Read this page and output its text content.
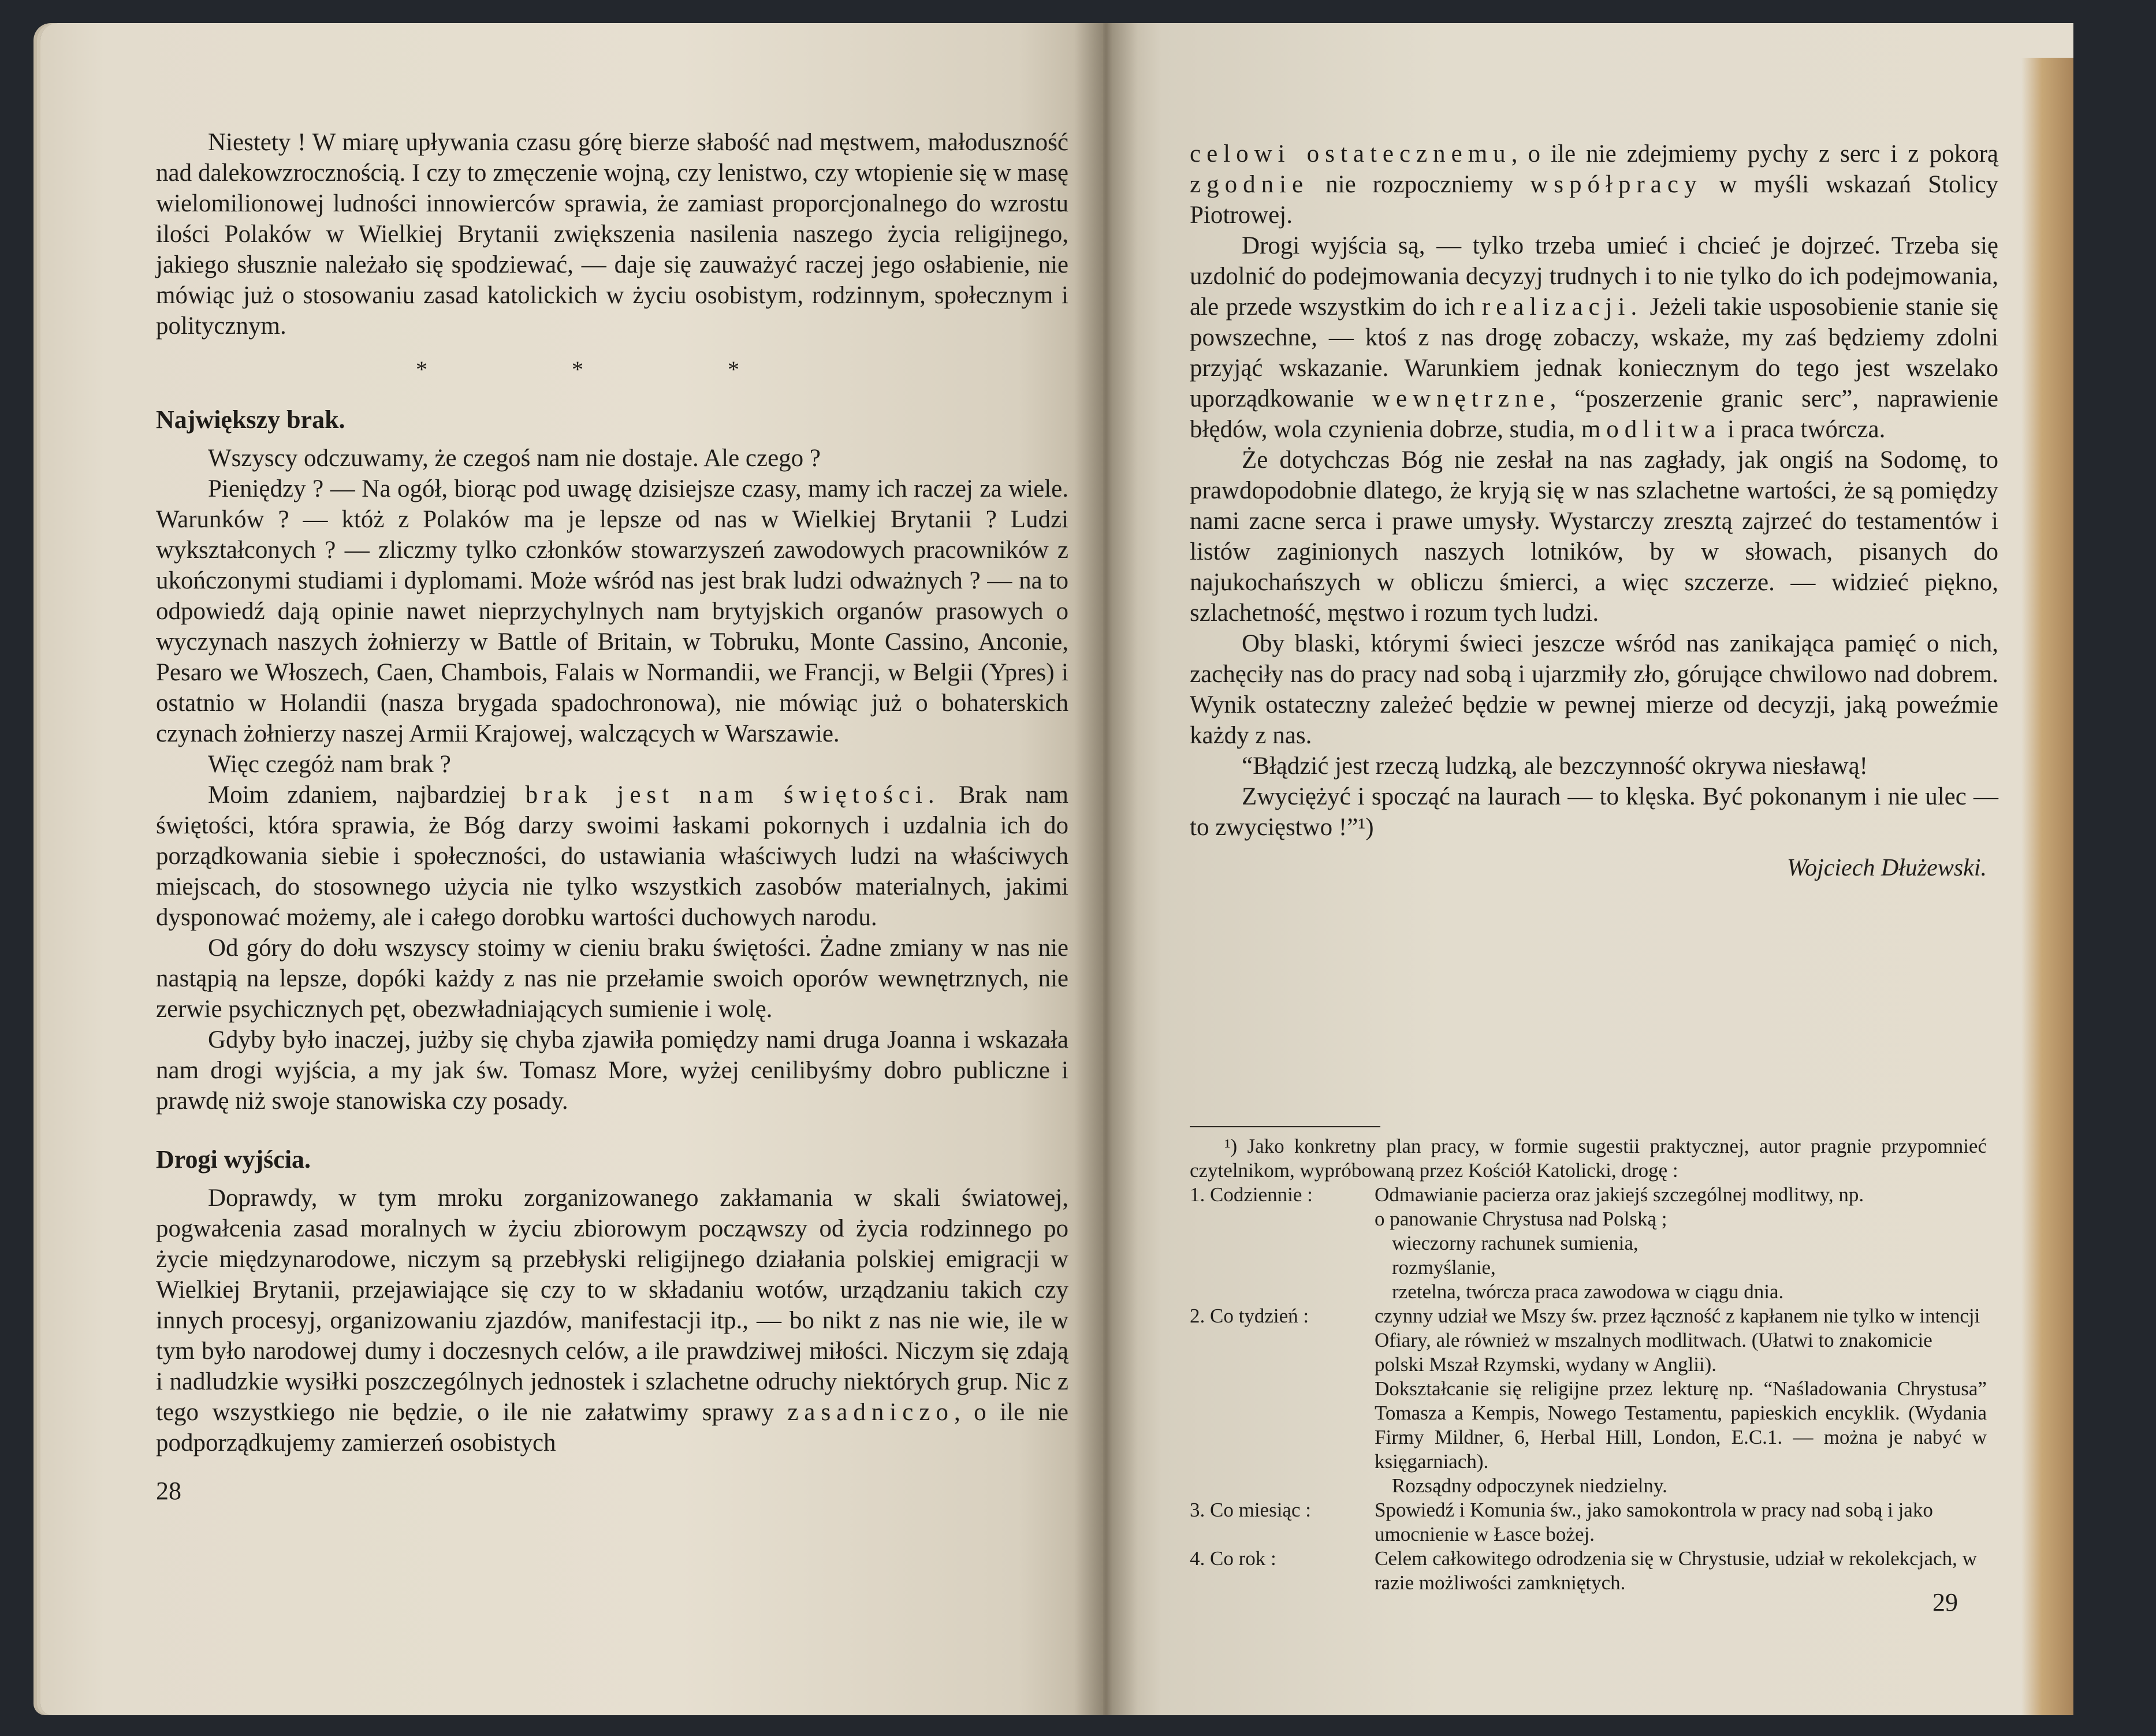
Niestety ! W miarę upływania czasu górę bierze słabość nad męstwem, małoduszność nad dalekowzrocznością. I czy to zmęczenie wojną, czy lenistwo, czy wtopienie się w masę wielomilionowej ludności innowierców sprawia, że zamiast proporcjonalnego do wzrostu ilości Polaków w Wielkiej Brytanii zwiększenia nasilenia naszego życia religijnego, jakiego słusznie należało się spodziewać, — daje się zauważyć raczej jego osłabienie, nie mówiąc już o stosowaniu zasad katolickich w życiu osobistym, rodzinnym, społecznym i politycznym.

* * *
Największy brak.

Wszyscy odczuwamy, że czegoś nam nie dostaje. Ale czego ?

Pieniędzy ? — Na ogół, biorąc pod uwagę dzisiejsze czasy, mamy ich raczej za wiele. Warunków ? — któż z Polaków ma je lepsze od nas w Wielkiej Brytanii ? Ludzi wykształconych ? — zliczmy tylko członków stowarzyszeń zawodowych pracowników z ukończonymi studiami i dyplomami. Może wśród nas jest brak ludzi odważnych ? — na to odpowiedź dają opinie nawet nieprzychylnych nam brytyjskich organów prasowych o wyczynach naszych żołnierzy w Battle of Britain, w Tobruku, Monte Cassino, Anconie, Pesaro we Włoszech, Caen, Chambois, Falais w Normandii, we Francji, w Belgii (Ypres) i ostatnio w Holandii (nasza brygada spadochronowa), nie mówiąc już o bohaterskich czynach żołnierzy naszej Armii Krajowej, walczących w Warszawie.

Więc czegóż nam brak ?

Moim zdaniem, najbardziej brak jest nam świętości. Brak nam świętości, która sprawia, że Bóg darzy swoimi łaskami pokornych i uzdalnia ich do porządkowania siebie i społeczności, do ustawiania właściwych ludzi na właściwych miejscach, do stosownego użycia nie tylko wszystkich zasobów materialnych, jakimi dysponować możemy, ale i całego dorobku wartości duchowych narodu.

Od góry do dołu wszyscy stoimy w cieniu braku świętości. Żadne zmiany w nas nie nastąpią na lepsze, dopóki każdy z nas nie przełamie swoich oporów wewnętrznych, nie zerwie psychicznych pęt, obezwładniających sumienie i wolę.

Gdyby było inaczej, jużby się chyba zjawiła pomiędzy nami druga Joanna i wskazała nam drogi wyjścia, a my jak św. Tomasz More, wyżej cenilibyśmy dobro publiczne i prawdę niż swoje stanowiska czy posady.

Drogi wyjścia.

Doprawdy, w tym mroku zorganizowanego zakłamania w skali światowej, pogwałcenia zasad moralnych w życiu zbiorowym począwszy od życia rodzinnego po życie międzynarodowe, niczym są przebłyski religijnego działania polskiej emigracji w Wielkiej Brytanii, przejawiające się czy to w składaniu wotów, urządzaniu takich czy innych procesyj, organizowaniu zjazdów, manifestacji itp., — bo nikt z nas nie wie, ile w tym było narodowej dumy i doczesnych celów, a ile prawdziwej miłości. Niczym się zdają i nadludzkie wysiłki poszczególnych jednostek i szlachetne odruchy niektórych grup. Nic z tego wszystkiego nie będzie, o ile nie załatwimy sprawy zasadniczo, o ile nie podporządkujemy zamierzeń osobistych

28

celowi ostatecznemu, o ile nie zdejmiemy pychy z serc i z pokorą zgodnie nie rozpoczniemy współpracy w myśli wskazań Stolicy Piotrowej.

Drogi wyjścia są, — tylko trzeba umieć i chcieć je dojrzeć. Trzeba się uzdolnić do podejmowania decyzyj trudnych i to nie tylko do ich podejmowania, ale przede wszystkim do ich realizacji. Jeżeli takie usposobienie stanie się powszechne, — ktoś z nas drogę zobaczy, wskaże, my zaś będziemy zdolni przyjąć wskazanie. Warunkiem jednak koniecznym do tego jest wszelako uporządkowanie wewnętrzne, “poszerzenie granic serc”, naprawienie błędów, wola czynienia dobrze, studia, modlitwa i praca twórcza.

Że dotychczas Bóg nie zesłał na nas zagłady, jak ongiś na Sodomę, to prawdopodobnie dlatego, że kryją się w nas szlachetne wartości, że są pomiędzy nami zacne serca i prawe umysły. Wystarczy zresztą zajrzeć do testamentów i listów zaginionych naszych lotników, by w słowach, pisanych do najukochańszych w obliczu śmierci, a więc szczerze. — widzieć piękno, szlachetność, męstwo i rozum tych ludzi.

Oby blaski, którymi świeci jeszcze wśród nas zanikająca pamięć o nich, zachęciły nas do pracy nad sobą i ujarzmiły zło, górujące chwilowo nad dobrem. Wynik ostateczny zależeć będzie w pewnej mierze od decyzji, jaką poweźmie każdy z nas.

“Błądzić jest rzeczą ludzką, ale bezczynność okrywa niesławą!

Zwyciężyć i spocząć na laurach — to klęska. Być pokonanym i nie ulec — to zwycięstwo !”¹)

Wojciech Dłużewski.

¹) Jako konkretny plan pracy, w formie sugestii praktycznej, autor pragnie przypomnieć czytelnikom, wypróbowaną przez Kościół Katolicki, drogę :

1. Codziennie :	Odmawianie pacierza oraz jakiejś szczególnej modlitwy, np.

o panowanie Chrystusa nad Polską ;

wieczorny rachunek sumienia,

rozmyślanie,

rzetelna, twórcza praca zawodowa w ciągu dnia.

2. Co tydzień :	czynny udział we Mszy św. przez łączność z kapłanem nie tylko w intencji Ofiary, ale również w mszalnych modlitwach. (Ułatwi to znakomicie polski Mszał Rzymski, wydany w Anglii).

Dokształcanie się religijne przez lekturę np. “Naśladowania Chrystusa” Tomasza a Kempis, Nowego Testamentu, papieskich encyklik. (Wydania Firmy Mildner, 6, Herbal Hill, London, E.C.1. — można je nabyć w księgarniach).

Rozsądny odpoczynek niedzielny.

3. Co miesiąc :	Spowiedź i Komunia św., jako samokontrola w pracy nad sobą i jako umocnienie w Łasce bożej.
4. Co rok :	Celem całkowitego odrodzenia się w Chrystusie, udział w rekolekcjach, w razie możliwości zamkniętych.
29
